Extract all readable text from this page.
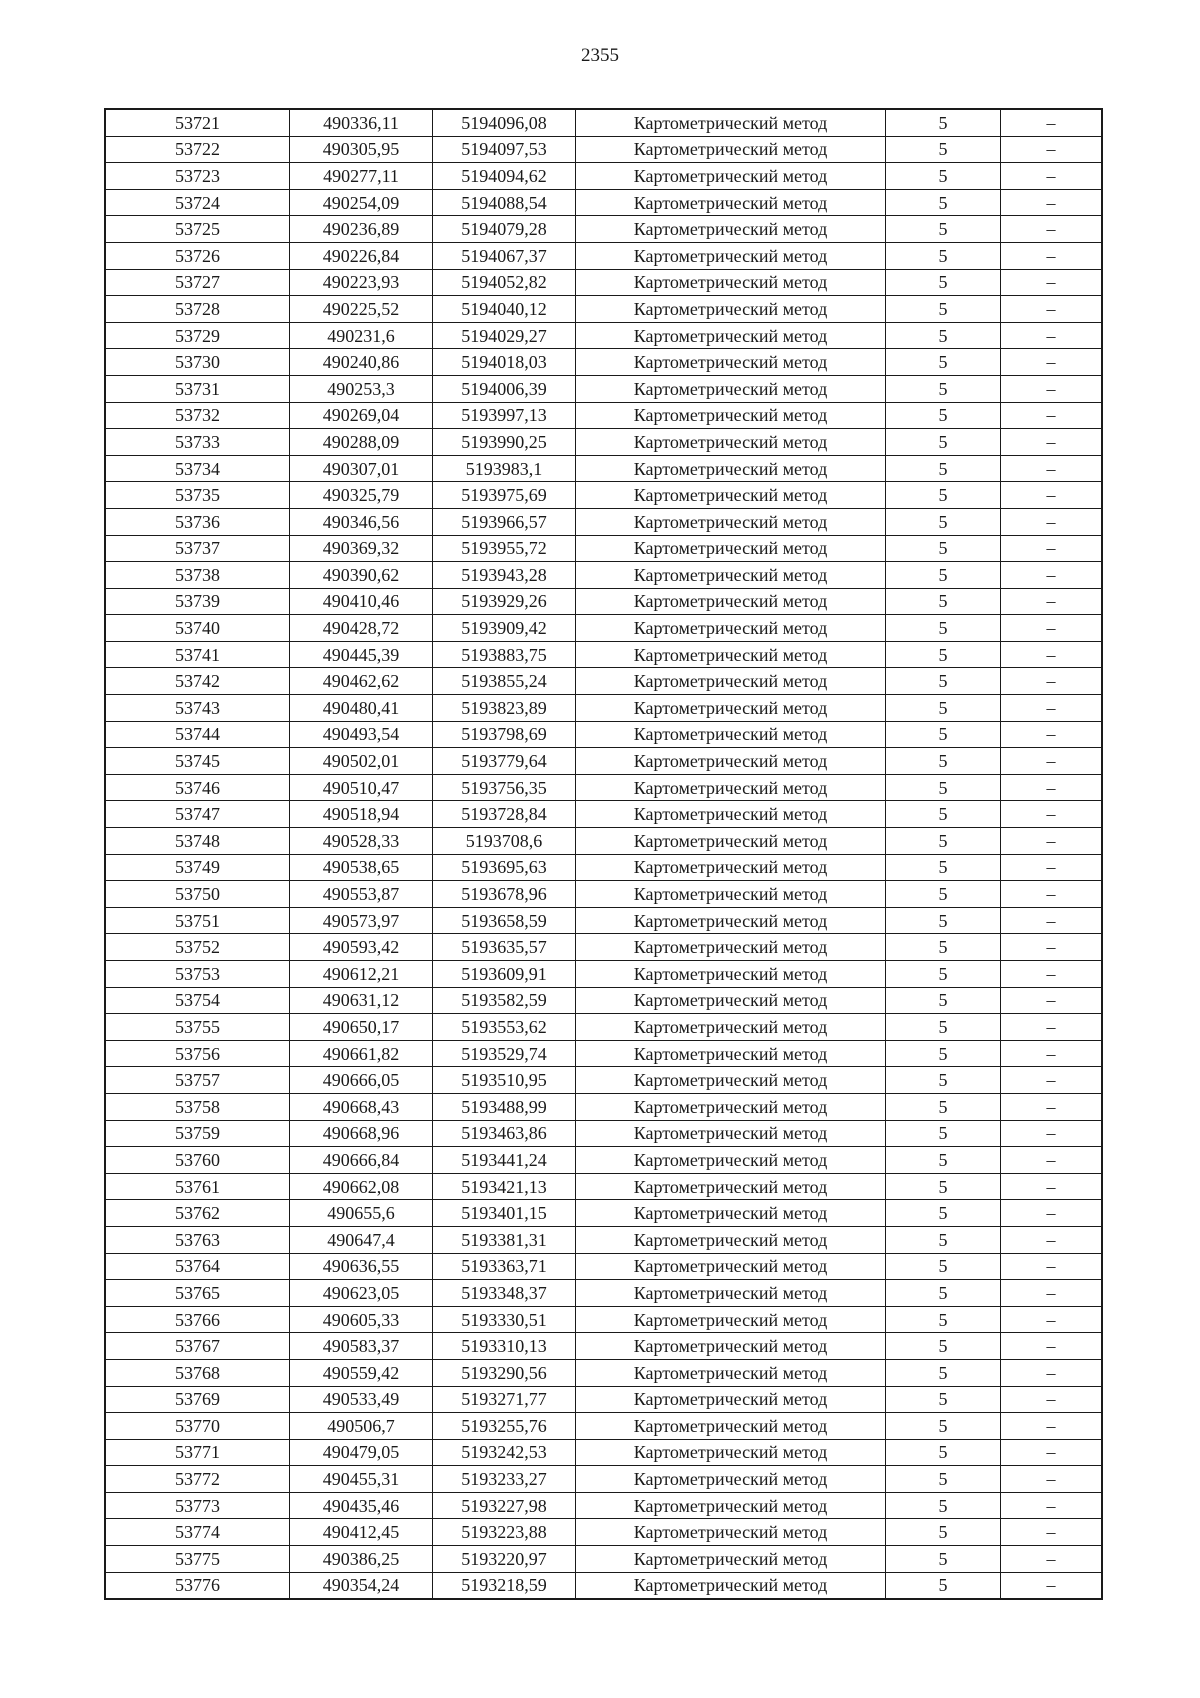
2355
53721	490336,11	5194096,08	Картометрический метод	5	–
53722	490305,95	5194097,53	Картометрический метод	5	–
53723	490277,11	5194094,62	Картометрический метод	5	–
53724	490254,09	5194088,54	Картометрический метод	5	–
53725	490236,89	5194079,28	Картометрический метод	5	–
53726	490226,84	5194067,37	Картометрический метод	5	–
53727	490223,93	5194052,82	Картометрический метод	5	–
53728	490225,52	5194040,12	Картометрический метод	5	–
53729	490231,6	5194029,27	Картометрический метод	5	–
53730	490240,86	5194018,03	Картометрический метод	5	–
53731	490253,3	5194006,39	Картометрический метод	5	–
53732	490269,04	5193997,13	Картометрический метод	5	–
53733	490288,09	5193990,25	Картометрический метод	5	–
53734	490307,01	5193983,1	Картометрический метод	5	–
53735	490325,79	5193975,69	Картометрический метод	5	–
53736	490346,56	5193966,57	Картометрический метод	5	–
53737	490369,32	5193955,72	Картометрический метод	5	–
53738	490390,62	5193943,28	Картометрический метод	5	–
53739	490410,46	5193929,26	Картометрический метод	5	–
53740	490428,72	5193909,42	Картометрический метод	5	–
53741	490445,39	5193883,75	Картометрический метод	5	–
53742	490462,62	5193855,24	Картометрический метод	5	–
53743	490480,41	5193823,89	Картометрический метод	5	–
53744	490493,54	5193798,69	Картометрический метод	5	–
53745	490502,01	5193779,64	Картометрический метод	5	–
53746	490510,47	5193756,35	Картометрический метод	5	–
53747	490518,94	5193728,84	Картометрический метод	5	–
53748	490528,33	5193708,6	Картометрический метод	5	–
53749	490538,65	5193695,63	Картометрический метод	5	–
53750	490553,87	5193678,96	Картометрический метод	5	–
53751	490573,97	5193658,59	Картометрический метод	5	–
53752	490593,42	5193635,57	Картометрический метод	5	–
53753	490612,21	5193609,91	Картометрический метод	5	–
53754	490631,12	5193582,59	Картометрический метод	5	–
53755	490650,17	5193553,62	Картометрический метод	5	–
53756	490661,82	5193529,74	Картометрический метод	5	–
53757	490666,05	5193510,95	Картометрический метод	5	–
53758	490668,43	5193488,99	Картометрический метод	5	–
53759	490668,96	5193463,86	Картометрический метод	5	–
53760	490666,84	5193441,24	Картометрический метод	5	–
53761	490662,08	5193421,13	Картометрический метод	5	–
53762	490655,6	5193401,15	Картометрический метод	5	–
53763	490647,4	5193381,31	Картометрический метод	5	–
53764	490636,55	5193363,71	Картометрический метод	5	–
53765	490623,05	5193348,37	Картометрический метод	5	–
53766	490605,33	5193330,51	Картометрический метод	5	–
53767	490583,37	5193310,13	Картометрический метод	5	–
53768	490559,42	5193290,56	Картометрический метод	5	–
53769	490533,49	5193271,77	Картометрический метод	5	–
53770	490506,7	5193255,76	Картометрический метод	5	–
53771	490479,05	5193242,53	Картометрический метод	5	–
53772	490455,31	5193233,27	Картометрический метод	5	–
53773	490435,46	5193227,98	Картометрический метод	5	–
53774	490412,45	5193223,88	Картометрический метод	5	–
53775	490386,25	5193220,97	Картометрический метод	5	–
53776	490354,24	5193218,59	Картометрический метод	5	–
